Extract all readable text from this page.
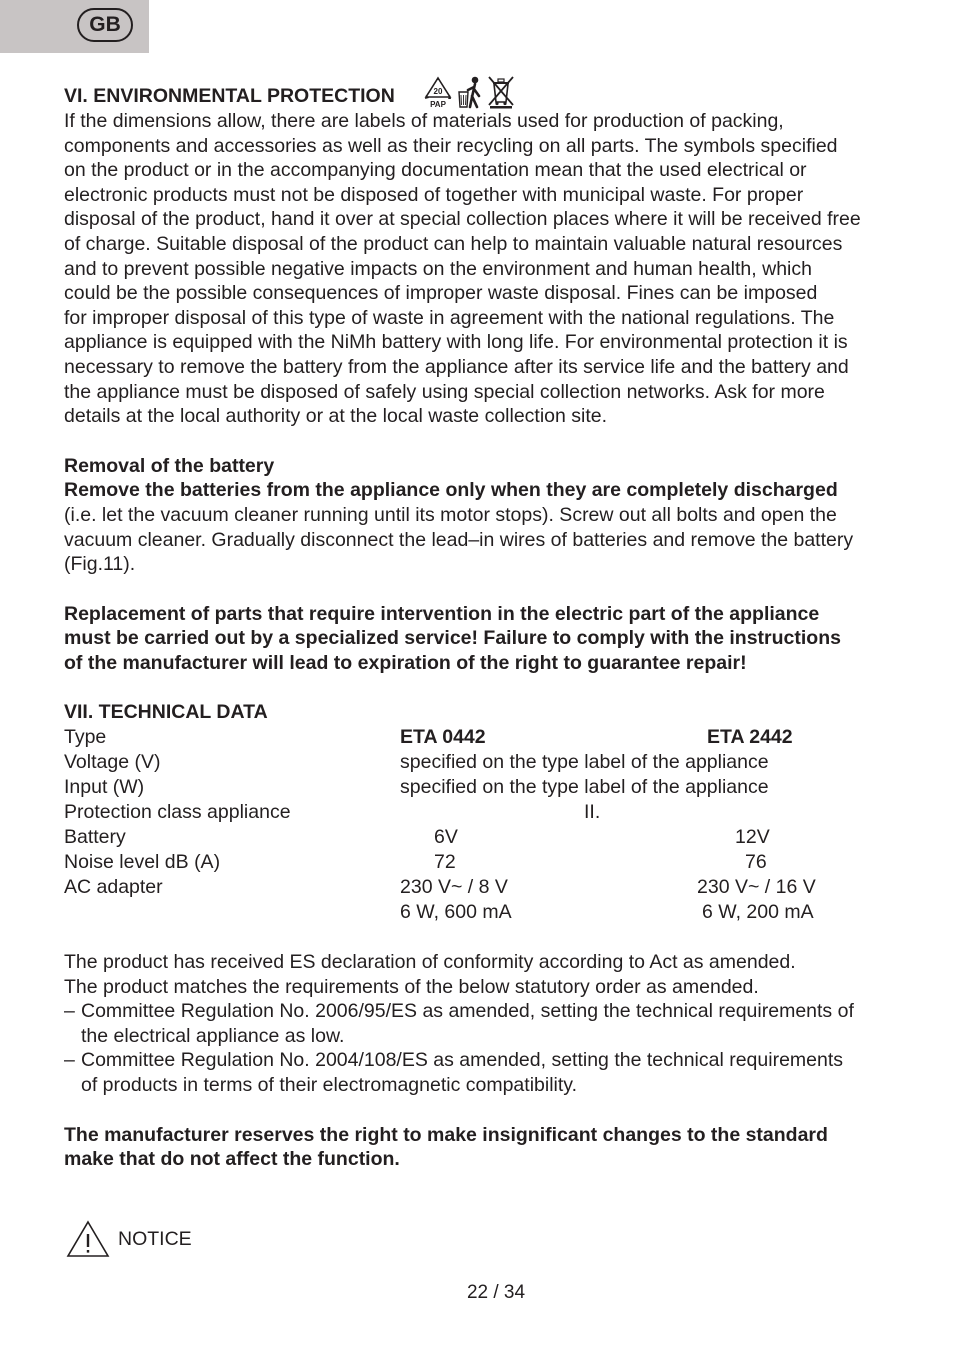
GB
VI. ENVIRONMENTAL PROTECTION	20
PAP
If the dimensions allow, there are labels of materials used for production of packing,
components and accessories as well as their recycling on all parts. The symbols specified
on the product or in the accompanying documentation mean that the used electrical or
electronic products must not be disposed of together with municipal waste. For proper
disposal of the product, hand it over at special collection places where it will be received free
of charge. Suitable disposal of the product can help to maintain valuable natural resources
and to prevent possible negative impacts on the environment and human health, which
could be the possible consequences of improper waste disposal. Fines can be imposed
for improper disposal of this type of waste in agreement with the national regulations. The
appliance is equipped with the NiMh battery with long life. For environmental protection it is
necessary to remove the battery from the appliance after its service life and the battery and
the appliance must be disposed of safely using special collection networks. Ask for more
details at the local authority or at the local waste collection site.
Removal of the battery
Remove the batteries from the appliance only when they are completely discharged
(i.e. let the vacuum cleaner running until its motor stops). Screw out all bolts and open the
vacuum cleaner. Gradually disconnect the lead–in wires of batteries and remove the battery
(Fig.11).
Replacement of parts that require intervention in the electric part of the appliance
must be carried out by a specialized service! Failure to comply with the instructions
of the manufacturer will lead to expiration of the right to guarantee repair!
VII. TECHNICAL DATA
Type	ETA 0442	ETA 2442
Voltage (V)	specified on the type label of the appliance
Input (W)	specified on the type label of the appliance
Protection class appliance	II.
Battery	6V	12V
Noise level dB (A)	72	76
AC adapter	230 V~ / 8 V	230 V~ / 16 V
6 W, 600 mA	6 W, 200 mA
The product has received ES declaration of conformity according to Act as amended.
The product matches the requirements of the below statutory order as amended.
– Committee Regulation No. 2006/95/ES as amended, setting the technical requirements of
the electrical appliance as low.
– Committee Regulation No. 2004/108/ES as amended, setting the technical requirements
of products in terms of their electromagnetic compatibility.
The manufacturer reserves the right to make insignificant changes to the standard
make that do not affect the function.
NOTICE
22 / 34
